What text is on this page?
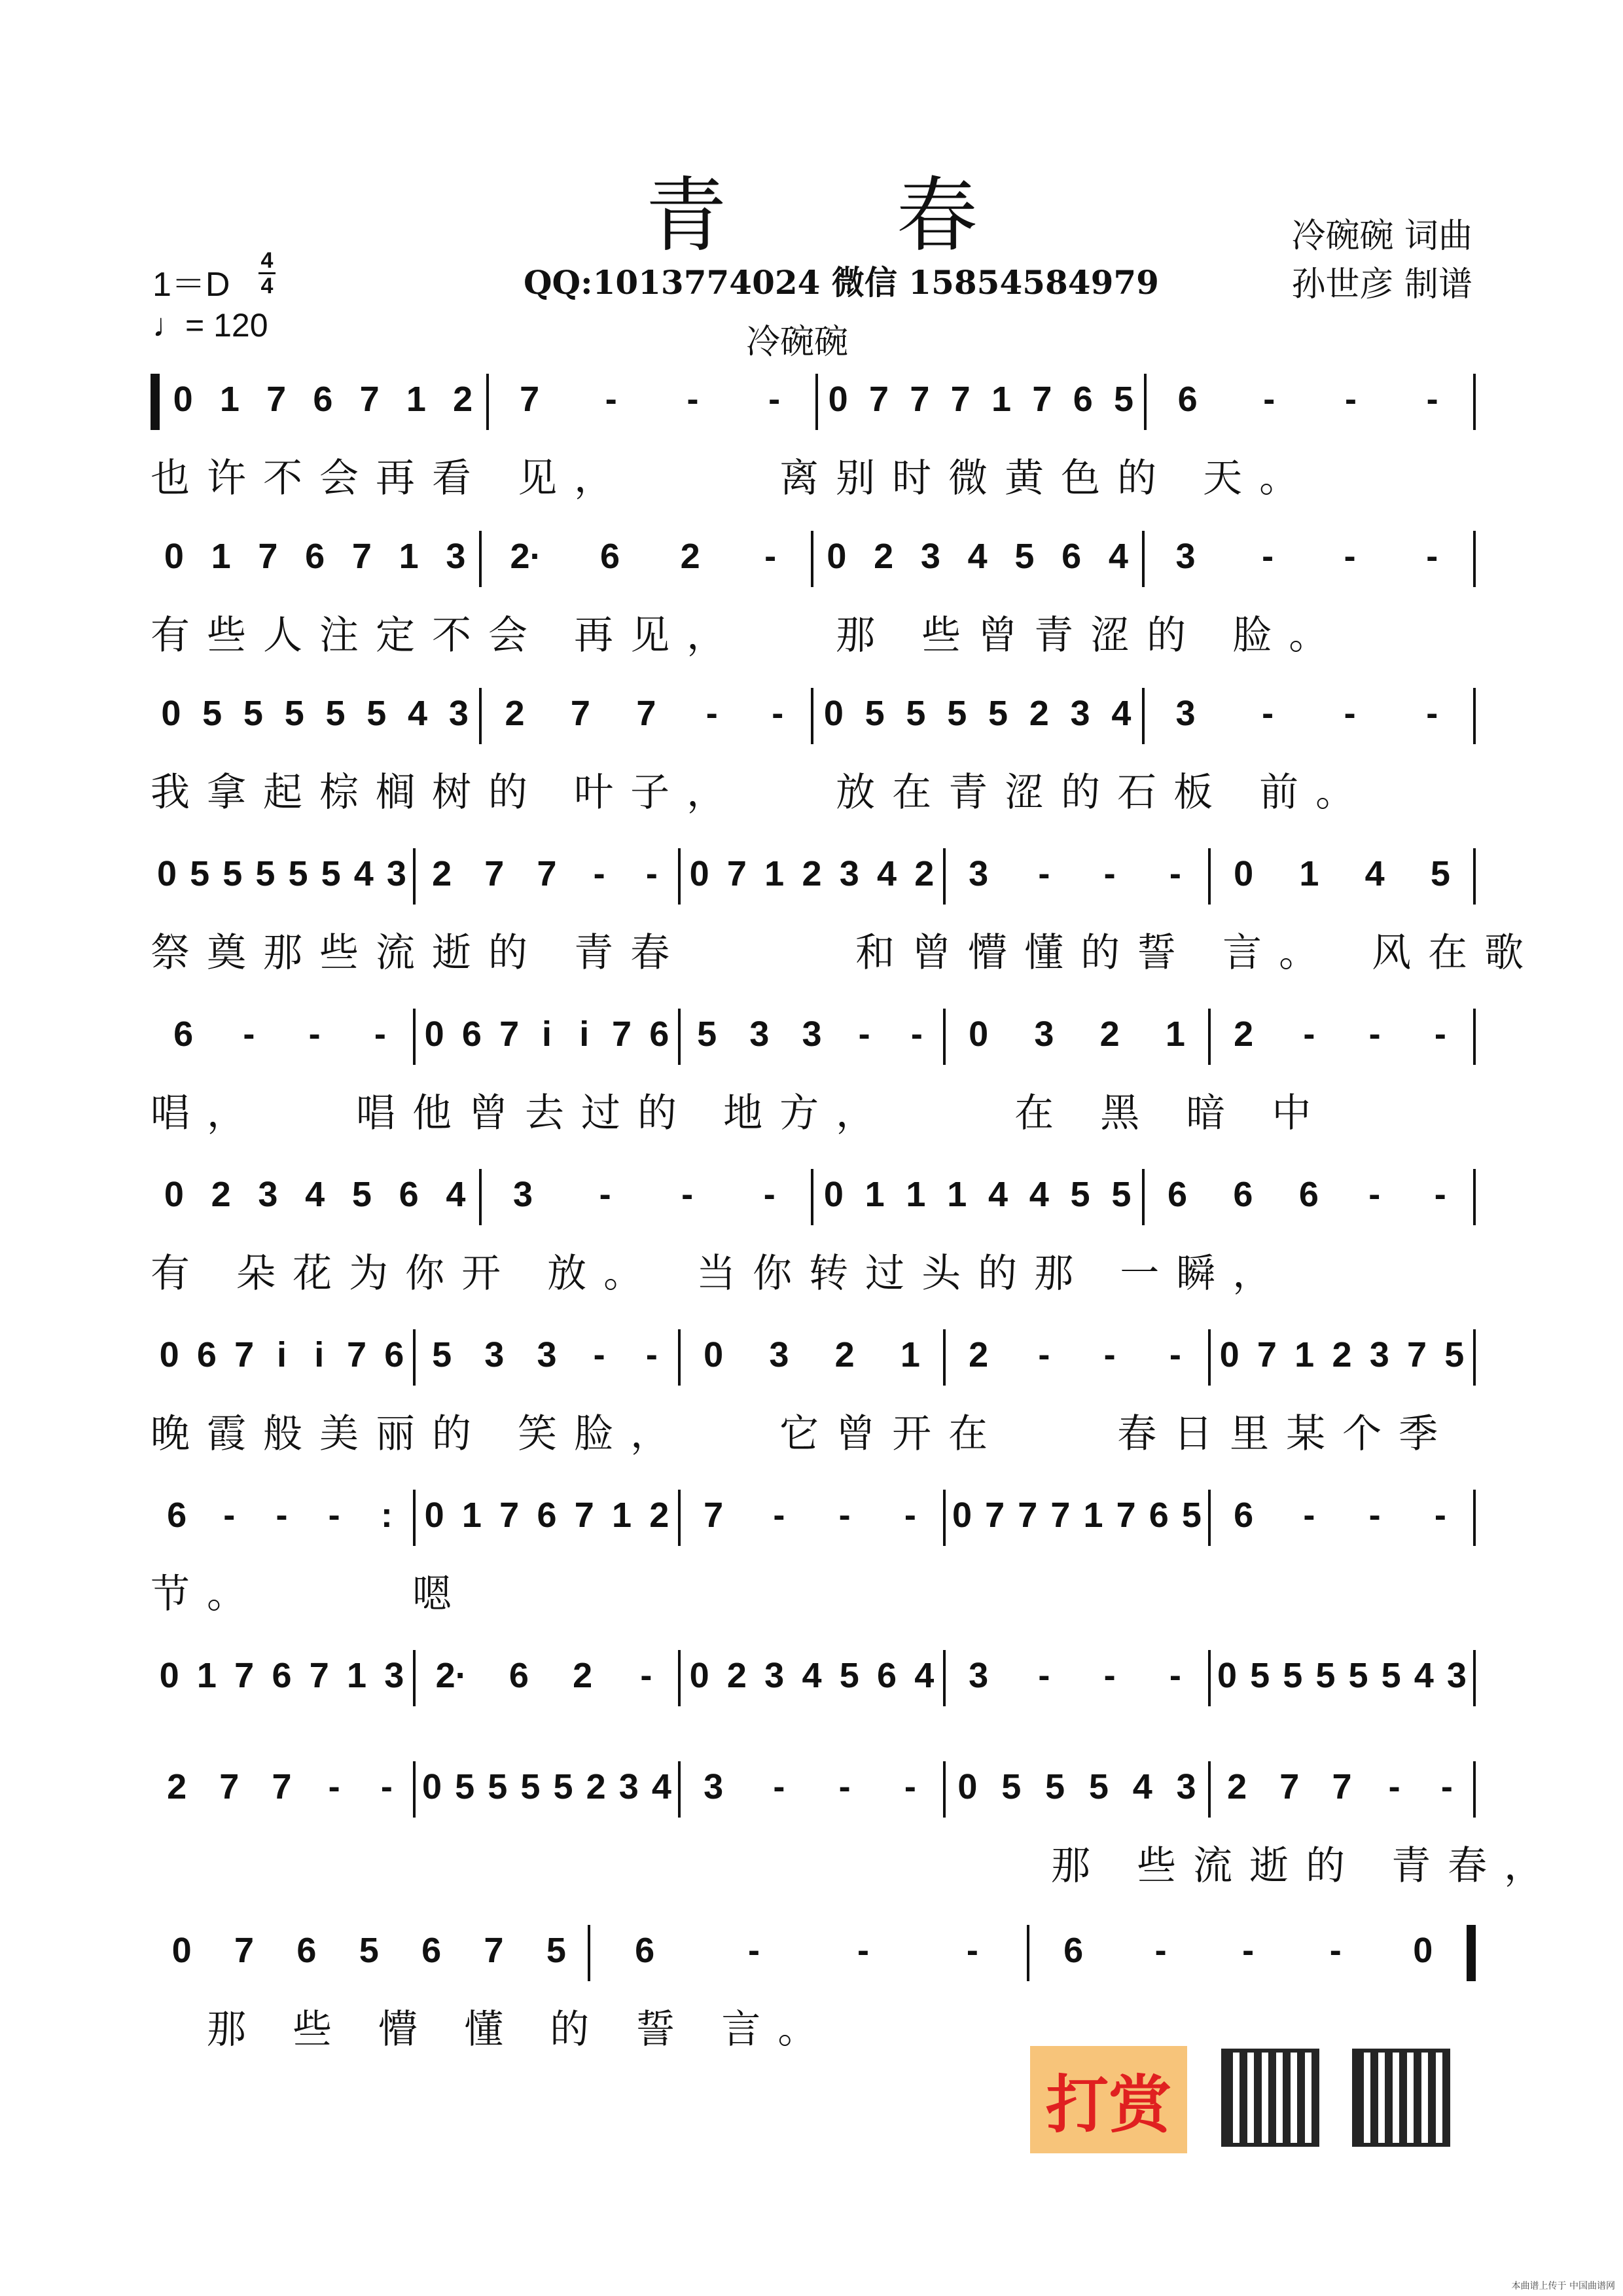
青 春	冷碗碗 词曲
孙世彦 制谱
1＝D
4
4
♩= 120
QQ:1013774024 微信 15854584979
冷碗碗
0 1 7 6 7 1 2 7 - - - 0 7 7 7 1 7 6 5 6 - - -
也许不会再看 见，　　　离别时微黄色的 天。
0 1 7 6 7 1 3 2· 6 2 - 0 2 3 4 5 6 4 3 - - -
有些人注定不会 再见，　　那 些曾青涩的 脸。
0 5 5 5 5 5 4 3 2 7 7 - - 0 5 5 5 5 2 3 4 3 - - -
我拿起棕榈树的 叶子，　　放在青涩的石板 前。
0 5 5 5 5 5 4 3 2 7 7 - - 0 7 1 2 3 4 2 3 - - - 0 1 4 5
祭奠那些流逝的 青春　　　和曾懵懂的誓 言。　风在歌
6 - - - 0 6 7 i i 7 6 5 3 3 - - 0 3 2 1 2 - - -
唱，　　唱他曾去过的 地方，　　 在 黑 暗 中
0 2 3 4 5 6 4 3 - - - 0 1 1 1 4 4 5 5 6 6 6 - -
有 朵花为你开 放。　当你转过头的那 一瞬，
0 6 7 i i 7 6 5 3 3 - - 0 3 2 1 2 - - - 0 7 1 2 3 7 5
晚霞般美丽的 笑脸，　　它曾开在　　春日里某个季
6 - - - : 0 1 7 6 7 1 2 7 - - - 0 7 7 7 1 7 6 5 6 - - -
节。　　　嗯
0 1 7 6 7 1 3 2· 6 2 - 0 2 3 4 5 6 4 3 - - - 0 5 5 5 5 5 4 3
2 7 7 - - 0 5 5 5 5 2 3 4 3 - - - 0 5 5 5 4 3 2 7 7 - -
　　　　　　　　　　　　　　　　那 些流逝的 青春，
0 7 6 5 6 7 5 6	-	-	- 6 - - - 0
　那 些 懵 懂 的 誓 言。
打赏
本曲谱上传于 中国曲谱网
